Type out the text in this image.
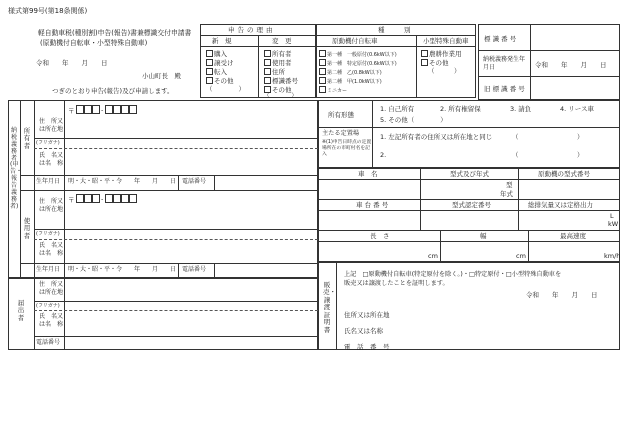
様式第99号(第18条関係)
軽自動車税(種別割)申告(報告)書兼標識交付申請書
(原動機付自転車・小型特殊自動車)
令和　　年　　月　　日
小山町長　殿
つぎのとおり申告(報告)及び申請します。
申告の理由
新　規	変　更
購入
譲受け
転入
その他
（　　　　）
所有者
使用者
住所
標識番号
その他
（　　　　）
種　　　別
原動機付自転車	小型特殊自動車
第一種　一般原付(0.6kW以下)
第一種　特定原付(0.6kW以下)
第二種　乙(0.8kW以下)
第二種　甲(1.0kW以下)
ミニカー
農耕作業用
その他
（　　　）
標 識 番 号
納税義務発生年月日	令和　　年　　月　　日
旧 標 識 番 号
納税義務者(申告・報告義務者)
所有者
住　所又　は所在地
〒	-
(フリガナ)
氏　名又　は名　称
生年月日 明・大・昭・平・令　　年　　月　　日 電話番号
使用者
住　所又　は所在地
〒	-
(フリガナ)
氏　名又　は名　称
生年月日 明・大・昭・平・令　　年　　月　　日 電話番号
届出者
住　所又　は所在地
(フリガナ)
氏　名又　は名　称
電話番号
所有形態
1. 自己所有	2. 所有権留保	3. 請負	4. リース車
5. その他（　　　　）
主たる定置場
※(1)申告日時点の定置場所在の市町村名を記入
1. 左記所有者の住所又は所在地と同じ	（　　　　　　　　　）
2.	（　　　　　　　　　）
車　名	型式及び年式	原動機の型式番号
型
年式
車 台 番 号	型式認定番号	総排気量又は定格出力
L
kW
長　さ	幅	最高速度
cm	cm	km/h
販売・譲渡証明書
上記　□原動機付自転車(特定原付を除く。)・□特定原付・□小型特殊自動車を
販売又は譲渡したことを証明します。
令和　　年　　月　　日
住所又は所在地
氏名又は名称
電　話　番　号
